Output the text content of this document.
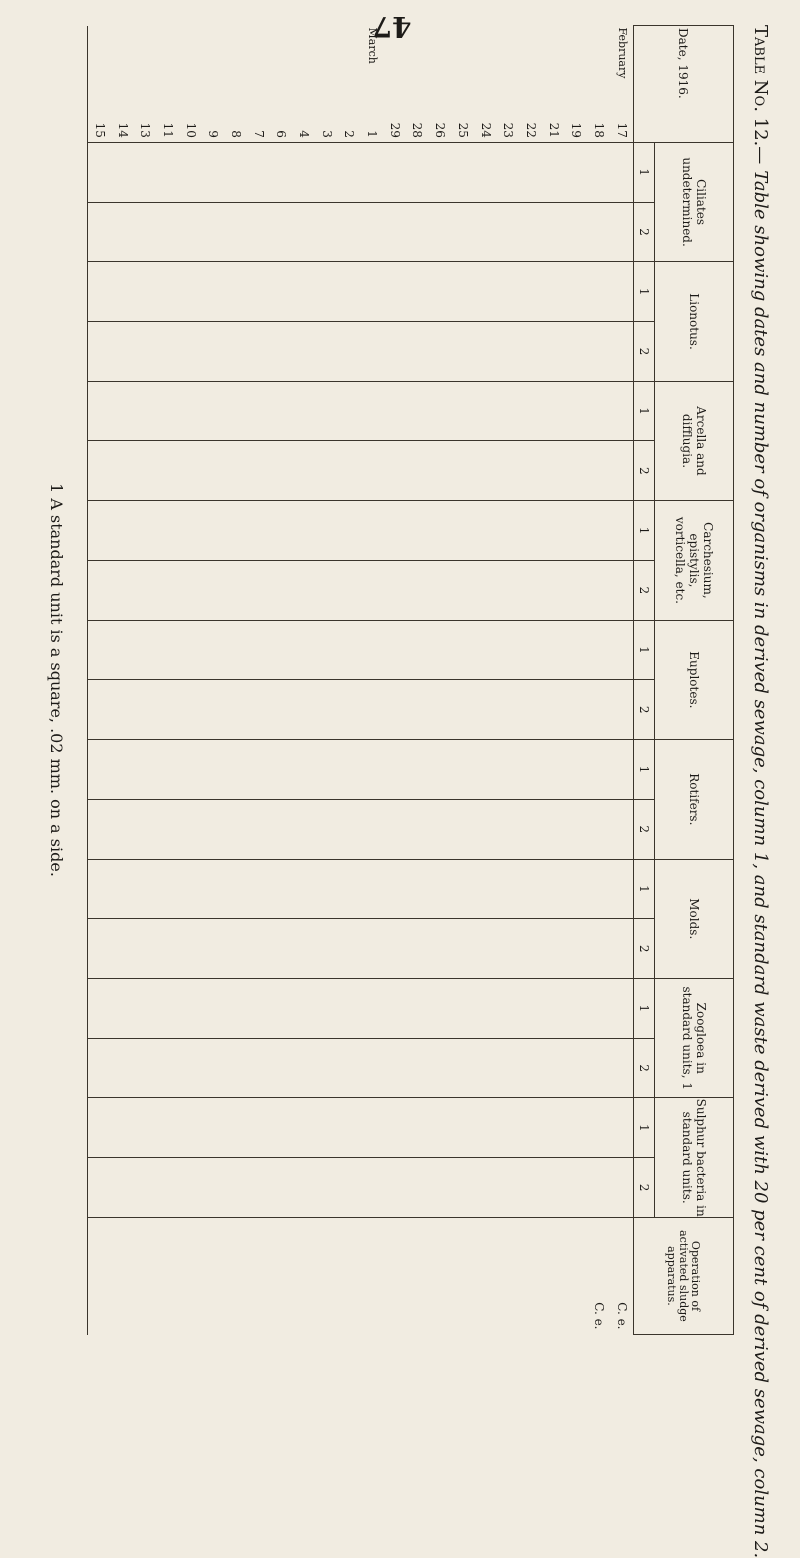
47	Table No. 12.—Table showing dates and number of organisms in derived sewage, column 1, and standard waste derived with 20 per cent of derived sewage, column 2.
Date, 1916.		Ciliates undetermined.		Lionotus.		Arcella and difflugia.		Carchesium, epistylis, vorticella, etc.		Euplotes.		Rotifers.		Molds.		Zoogloea in standard units, 1		Sulphur bacteria in standard units.		Operation of activated sludge apparatus.
		1	2	1	2	1	2	1	2	1	2	1	2	1	2	1	2	1	2	
February	17																			C. e.
	18																			C. e.
	19																			
	21																			
	22																			
	23																			
	24																			
	25																			
	26																			
	28																			
	29																			
March	1																			
	2																			
	3																			
	4																			
	6																			
	7																			
	8																			
	9																			
	10																			
	11																			
	13																			
	14																			
	15																			
1 A standard unit is a square, .02 mm. on a side.
